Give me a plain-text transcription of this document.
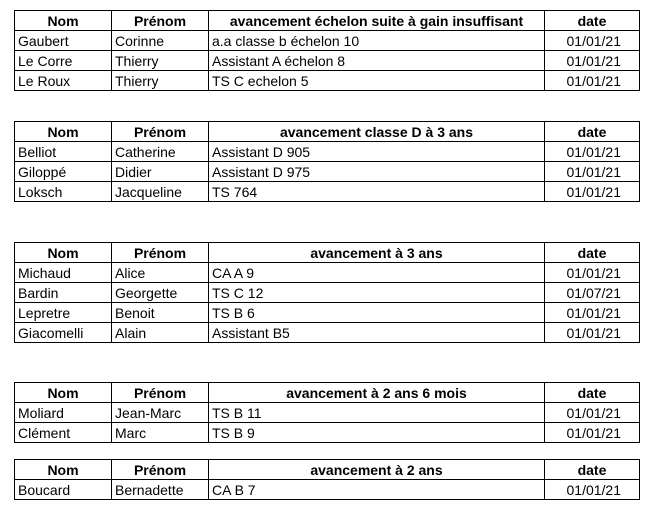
Nom	Prénom	avancement échelon suite à gain insuffisant	date
Gaubert	Corinne	a.a classe b échelon 10	01/01/21
Le Corre	Thierry	Assistant A échelon 8	01/01/21
Le Roux	Thierry	TS C echelon 5	01/01/21
Nom	Prénom	avancement classe D à 3 ans	date
Belliot	Catherine	Assistant D 905	01/01/21
Giloppé	Didier	Assistant D 975	01/01/21
Loksch	Jacqueline	TS 764	01/01/21
Nom	Prénom	avancement à 3 ans	date
Michaud	Alice	CA A 9	01/01/21
Bardin	Georgette	TS C 12	01/07/21
Lepretre	Benoit	TS B 6	01/01/21
Giacomelli	Alain	Assistant B5	01/01/21
Nom	Prénom	avancement à 2 ans 6 mois	date
Moliard	Jean-Marc	TS B 11	01/01/21
Clément	Marc	TS B 9	01/01/21
Nom	Prénom	avancement à 2 ans	date
Boucard	Bernadette	CA B 7	01/01/21
